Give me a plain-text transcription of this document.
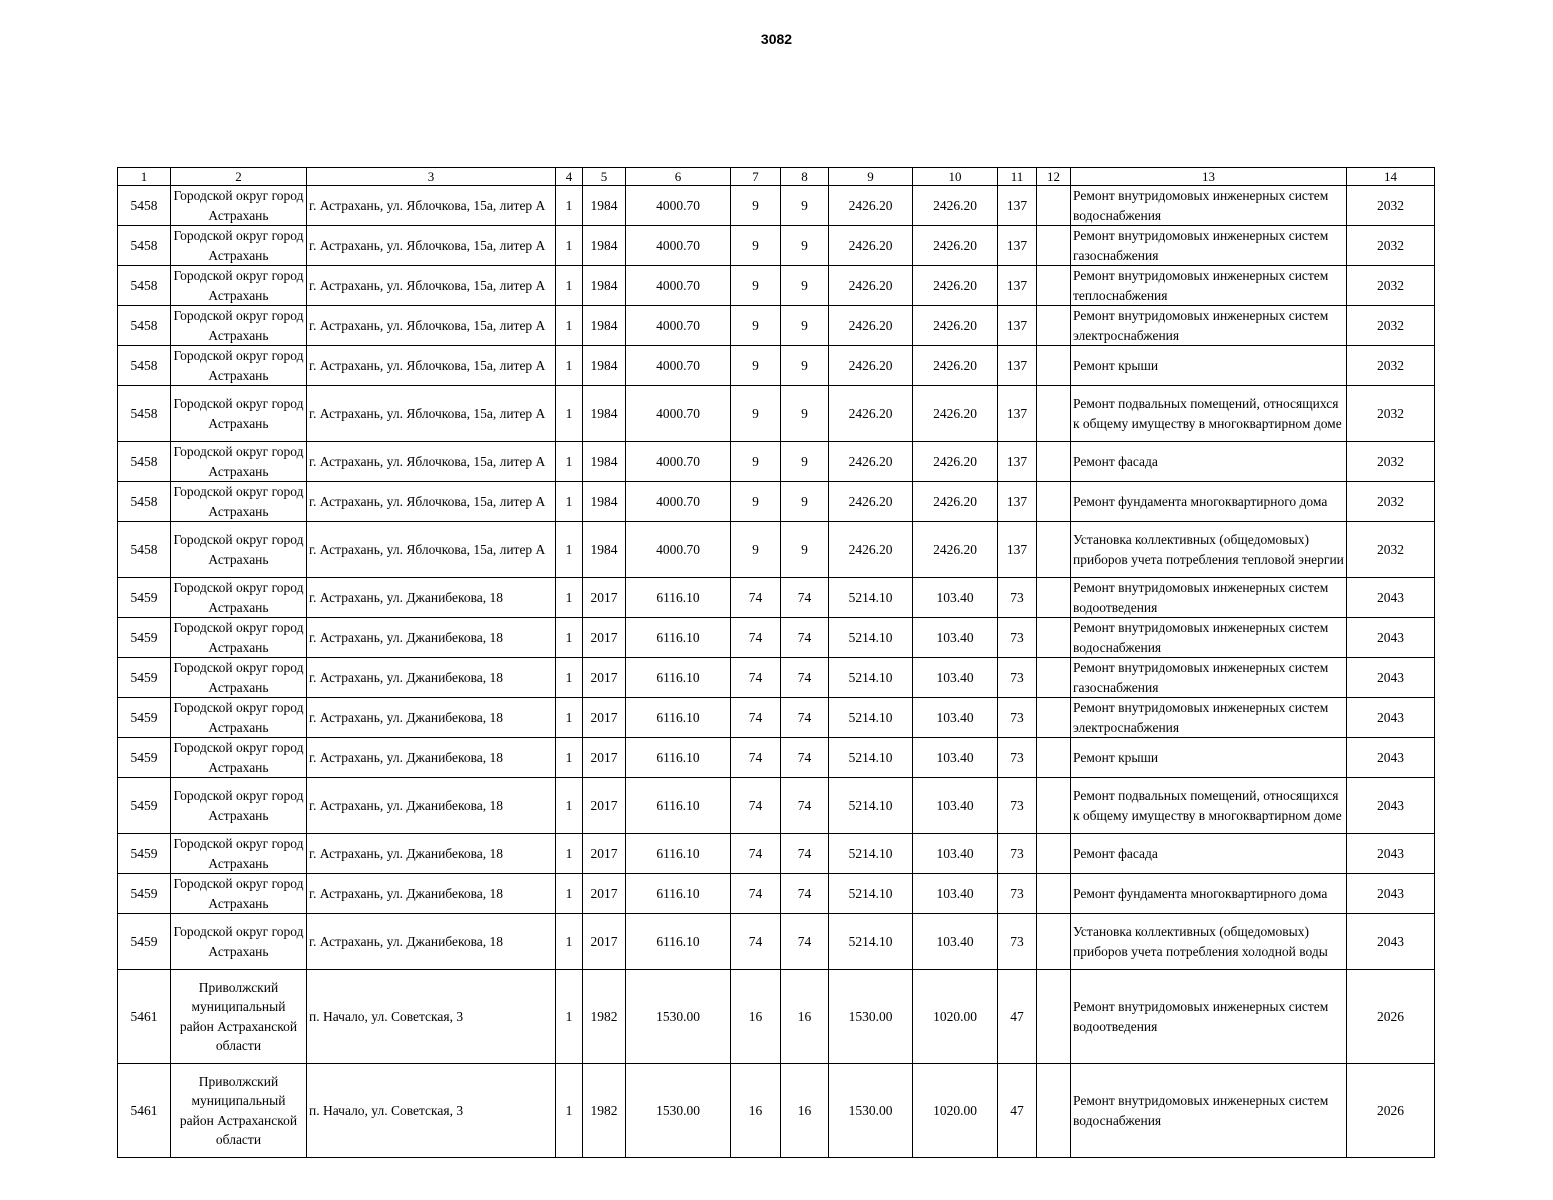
3082
1	2	3	4	5	6	7	8	9	10	11	12	13	14
5458	Городской округ город Астрахань	г. Астрахань, ул. Яблочкова, 15а, литер А	1	1984	4000.70	9	9	2426.20	2426.20	137		Ремонт внутридомовых инженерных систем водоснабжения	2032
5458	Городской округ город Астрахань	г. Астрахань, ул. Яблочкова, 15а, литер А	1	1984	4000.70	9	9	2426.20	2426.20	137		Ремонт внутридомовых инженерных систем газоснабжения	2032
5458	Городской округ город Астрахань	г. Астрахань, ул. Яблочкова, 15а, литер А	1	1984	4000.70	9	9	2426.20	2426.20	137		Ремонт внутридомовых инженерных систем теплоснабжения	2032
5458	Городской округ город Астрахань	г. Астрахань, ул. Яблочкова, 15а, литер А	1	1984	4000.70	9	9	2426.20	2426.20	137		Ремонт внутридомовых инженерных систем электроснабжения	2032
5458	Городской округ город Астрахань	г. Астрахань, ул. Яблочкова, 15а, литер А	1	1984	4000.70	9	9	2426.20	2426.20	137		Ремонт крыши	2032
5458	Городской округ город Астрахань	г. Астрахань, ул. Яблочкова, 15а, литер А	1	1984	4000.70	9	9	2426.20	2426.20	137		Ремонт подвальных помещений, относящихся к общему имуществу в многоквартирном доме	2032
5458	Городской округ город Астрахань	г. Астрахань, ул. Яблочкова, 15а, литер А	1	1984	4000.70	9	9	2426.20	2426.20	137		Ремонт фасада	2032
5458	Городской округ город Астрахань	г. Астрахань, ул. Яблочкова, 15а, литер А	1	1984	4000.70	9	9	2426.20	2426.20	137		Ремонт фундамента многоквартирного дома	2032
5458	Городской округ город Астрахань	г. Астрахань, ул. Яблочкова, 15а, литер А	1	1984	4000.70	9	9	2426.20	2426.20	137		Установка коллективных (общедомовых) приборов учета потребления тепловой энергии	2032
5459	Городской округ город Астрахань	г. Астрахань, ул. Джанибекова, 18	1	2017	6116.10	74	74	5214.10	103.40	73		Ремонт внутридомовых инженерных систем водоотведения	2043
5459	Городской округ город Астрахань	г. Астрахань, ул. Джанибекова, 18	1	2017	6116.10	74	74	5214.10	103.40	73		Ремонт внутридомовых инженерных систем водоснабжения	2043
5459	Городской округ город Астрахань	г. Астрахань, ул. Джанибекова, 18	1	2017	6116.10	74	74	5214.10	103.40	73		Ремонт внутридомовых инженерных систем газоснабжения	2043
5459	Городской округ город Астрахань	г. Астрахань, ул. Джанибекова, 18	1	2017	6116.10	74	74	5214.10	103.40	73		Ремонт внутридомовых инженерных систем электроснабжения	2043
5459	Городской округ город Астрахань	г. Астрахань, ул. Джанибекова, 18	1	2017	6116.10	74	74	5214.10	103.40	73		Ремонт крыши	2043
5459	Городской округ город Астрахань	г. Астрахань, ул. Джанибекова, 18	1	2017	6116.10	74	74	5214.10	103.40	73		Ремонт подвальных помещений, относящихся к общему имуществу в многоквартирном доме	2043
5459	Городской округ город Астрахань	г. Астрахань, ул. Джанибекова, 18	1	2017	6116.10	74	74	5214.10	103.40	73		Ремонт фасада	2043
5459	Городской округ город Астрахань	г. Астрахань, ул. Джанибекова, 18	1	2017	6116.10	74	74	5214.10	103.40	73		Ремонт фундамента многоквартирного дома	2043
5459	Городской округ город Астрахань	г. Астрахань, ул. Джанибекова, 18	1	2017	6116.10	74	74	5214.10	103.40	73		Установка коллективных (общедомовых) приборов учета потребления холодной воды	2043
5461	Приволжский муниципальный район Астраханской области	п. Начало, ул. Советская, 3	1	1982	1530.00	16	16	1530.00	1020.00	47		Ремонт внутридомовых инженерных систем водоотведения	2026
5461	Приволжский муниципальный район Астраханской области	п. Начало, ул. Советская, 3	1	1982	1530.00	16	16	1530.00	1020.00	47		Ремонт внутридомовых инженерных систем водоснабжения	2026
